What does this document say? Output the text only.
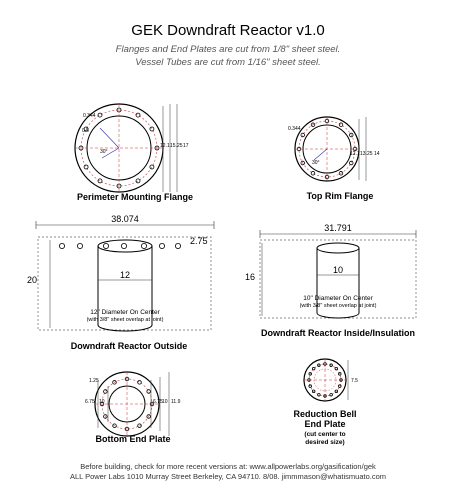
GEK Downdraft Reactor v1.0
Flanges and End Plates are cut from 1/8" sheet steel.
Vessel Tubes are cut from 1/16" sheet steel.
0.344
0.5
30°
12.1 15.25 17
Perimeter Mounting Flange
0.344
30°
12.1 13.25 14
Top Rim Flange
38.074
20	12
2.75
12" Diameter On Center
(with 3/8" sheet overlap at joint)
Downdraft Reactor Outside
31.791
16
10
10" Diameter On Center
(with 3/8" sheet overlap at joint)
Downdraft Reactor Inside/Insulation
1.25
6.75 10	6.75 10 11.9
Bottom End Plate
7.5
Reduction Bell
End Plate
(cut center to
desired size)
Before building, check for more recent versions at: www.allpowerlabs.org/gasification/gek
ALL Power Labs 1010 Murray Street Berkeley, CA 94710. 8/08. jimmmason@whatismuato.com
